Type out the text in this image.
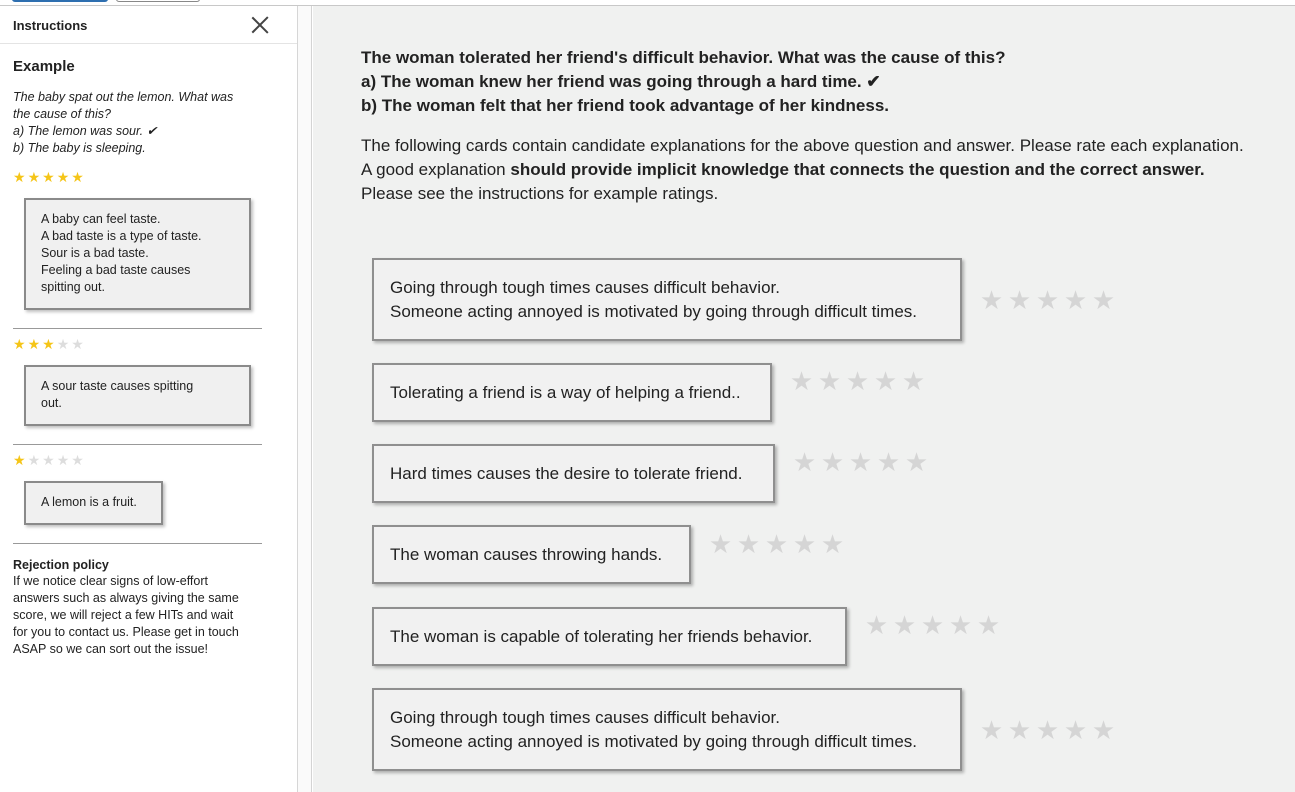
Instructions
Example
The baby spat out the lemon. What was
the cause of this?
a) The lemon was sour. ✔
b) The baby is sleeping.
★★★★★
A baby can feel taste.
A bad taste is a type of taste.
Sour is a bad taste.
Feeling a bad taste causes
spitting out.
★★★★★
A sour taste causes spitting
out.
★★★★★
A lemon is a fruit.
Rejection policy
If we notice clear signs of low-effort
answers such as always giving the same
score, we will reject a few HITs and wait
for you to contact us. Please get in touch
ASAP so we can sort out the issue!
The woman tolerated her friend's difficult behavior. What was the cause of this?
a) The woman knew her friend was going through a hard time. ✔
b) The woman felt that her friend took advantage of her kindness.
The following cards contain candidate explanations for the above question and answer. Please rate each explanation.
A good explanation should provide implicit knowledge that connects the question and the correct answer.
Please see the instructions for example ratings.
Going through tough times causes difficult behavior.
Someone acting annoyed is motivated by going through difficult times.	★★★★★
Tolerating a friend is a way of helping a friend..	★★★★★
Hard times causes the desire to tolerate friend.	★★★★★
The woman causes throwing hands.	★★★★★
The woman is capable of tolerating her friends behavior.	★★★★★
Going through tough times causes difficult behavior.
Someone acting annoyed is motivated by going through difficult times.	★★★★★
